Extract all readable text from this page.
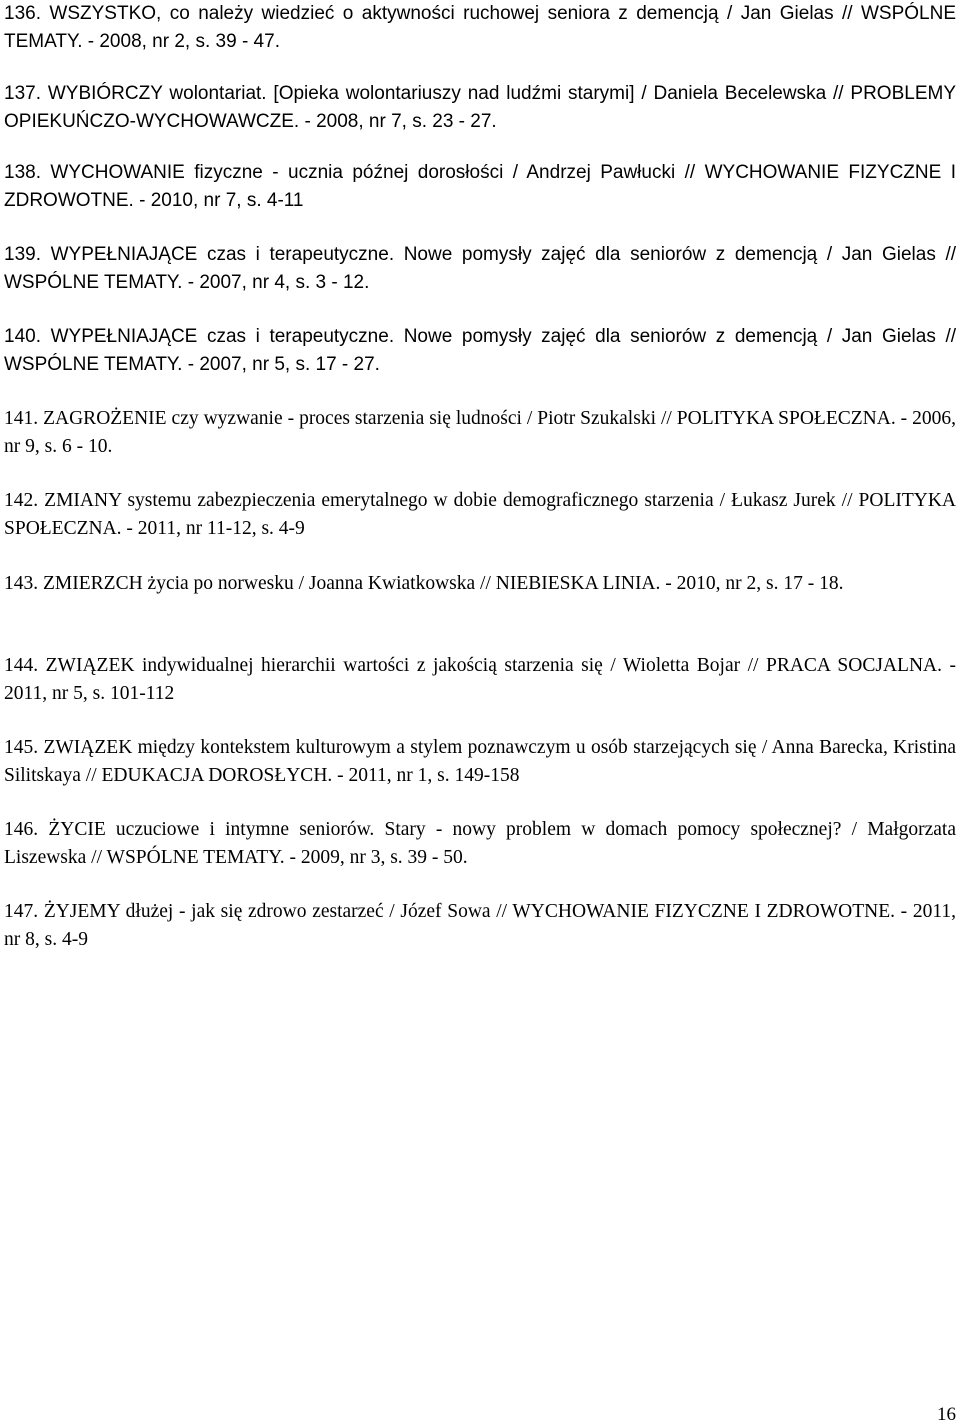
136. WSZYSTKO, co należy wiedzieć o aktywności ruchowej seniora z demencją / Jan Gielas // WSPÓLNE TEMATY. - 2008, nr 2, s. 39 - 47.

137. WYBIÓRCZY wolontariat. [Opieka wolontariuszy nad ludźmi starymi] / Daniela Becelewska // PROBLEMY OPIEKUŃCZO-WYCHOWAWCZE. - 2008, nr 7, s. 23 - 27.

138. WYCHOWANIE fizyczne - ucznia późnej dorosłości / Andrzej Pawłucki // WYCHOWANIE FIZYCZNE I ZDROWOTNE. - 2010, nr 7, s. 4-11

139. WYPEŁNIAJĄCE czas i terapeutyczne. Nowe pomysły zajęć dla seniorów z demencją / Jan Gielas // WSPÓLNE TEMATY. - 2007, nr 4, s. 3 - 12.

140. WYPEŁNIAJĄCE czas i terapeutyczne. Nowe pomysły zajęć dla seniorów z demencją / Jan Gielas // WSPÓLNE TEMATY. - 2007, nr 5, s. 17 - 27.

141. ZAGROŻENIE czy wyzwanie - proces starzenia się ludności / Piotr Szukalski // POLITYKA SPOŁECZNA. - 2006, nr 9, s. 6 - 10.

142. ZMIANY systemu zabezpieczenia emerytalnego w dobie demograficznego starzenia / Łukasz Jurek // POLITYKA SPOŁECZNA. - 2011, nr 11-12, s. 4-9

143. ZMIERZCH życia po norwesku / Joanna Kwiatkowska // NIEBIESKA LINIA. - 2010, nr 2, s. 17 - 18.

144. ZWIĄZEK indywidualnej hierarchii wartości z jakością starzenia się / Wioletta Bojar // PRACA SOCJALNA. - 2011, nr 5, s. 101-112

145. ZWIĄZEK między kontekstem kulturowym a stylem poznawczym u osób starzejących się / Anna Barecka, Kristina Silitskaya // EDUKACJA DOROSŁYCH. - 2011, nr 1, s. 149-158

146. ŻYCIE uczuciowe i intymne seniorów. Stary - nowy problem w domach pomocy społecznej? / Małgorzata Liszewska // WSPÓLNE TEMATY. - 2009, nr 3, s. 39 - 50.

147. ŻYJEMY dłużej - jak się zdrowo zestarzeć / Józef Sowa // WYCHOWANIE FIZYCZNE I ZDROWOTNE. - 2011, nr 8, s. 4-9

16
